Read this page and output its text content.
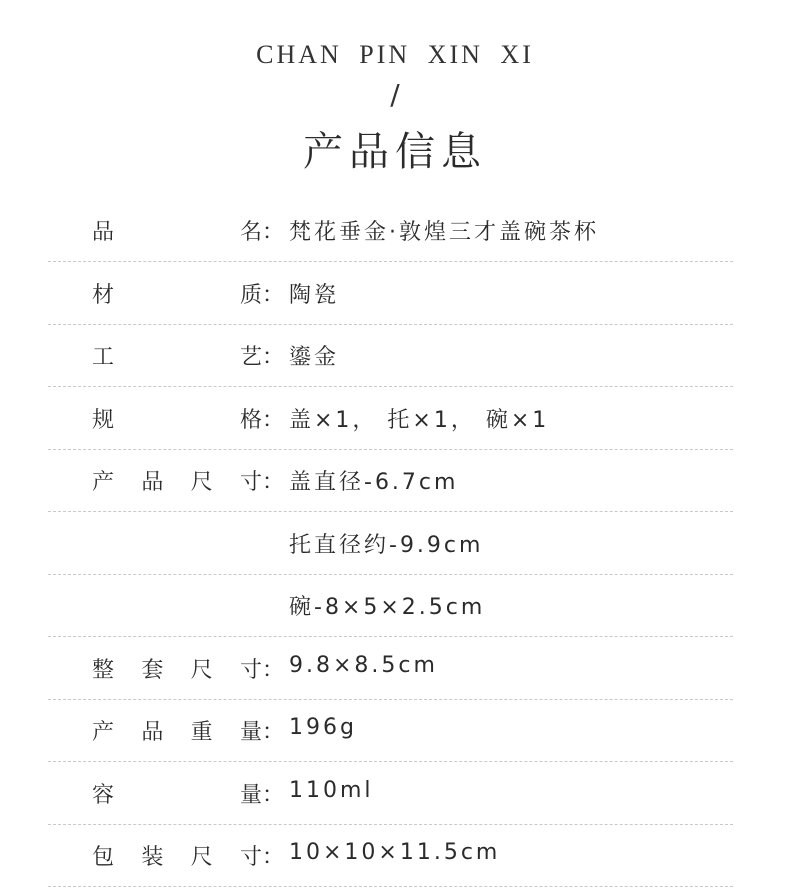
CHAN PIN XIN XI
/
产品信息
品	名 ： 梵花垂金·敦煌三才盖碗茶杯
材	质 ： 陶瓷
工	艺 ： 鎏金
规	格 ： 盖×1， 托×1， 碗×1
产 品 尺 寸 ： 盖直径-6.7cm
托直径约-9.9cm
碗-8×5×2.5cm
整 套 尺 寸 ： 9.8×8.5cm
产 品 重 量 ： 196g
容	量 ： 110ml
包 装 尺 寸 ： 10×10×11.5cm
